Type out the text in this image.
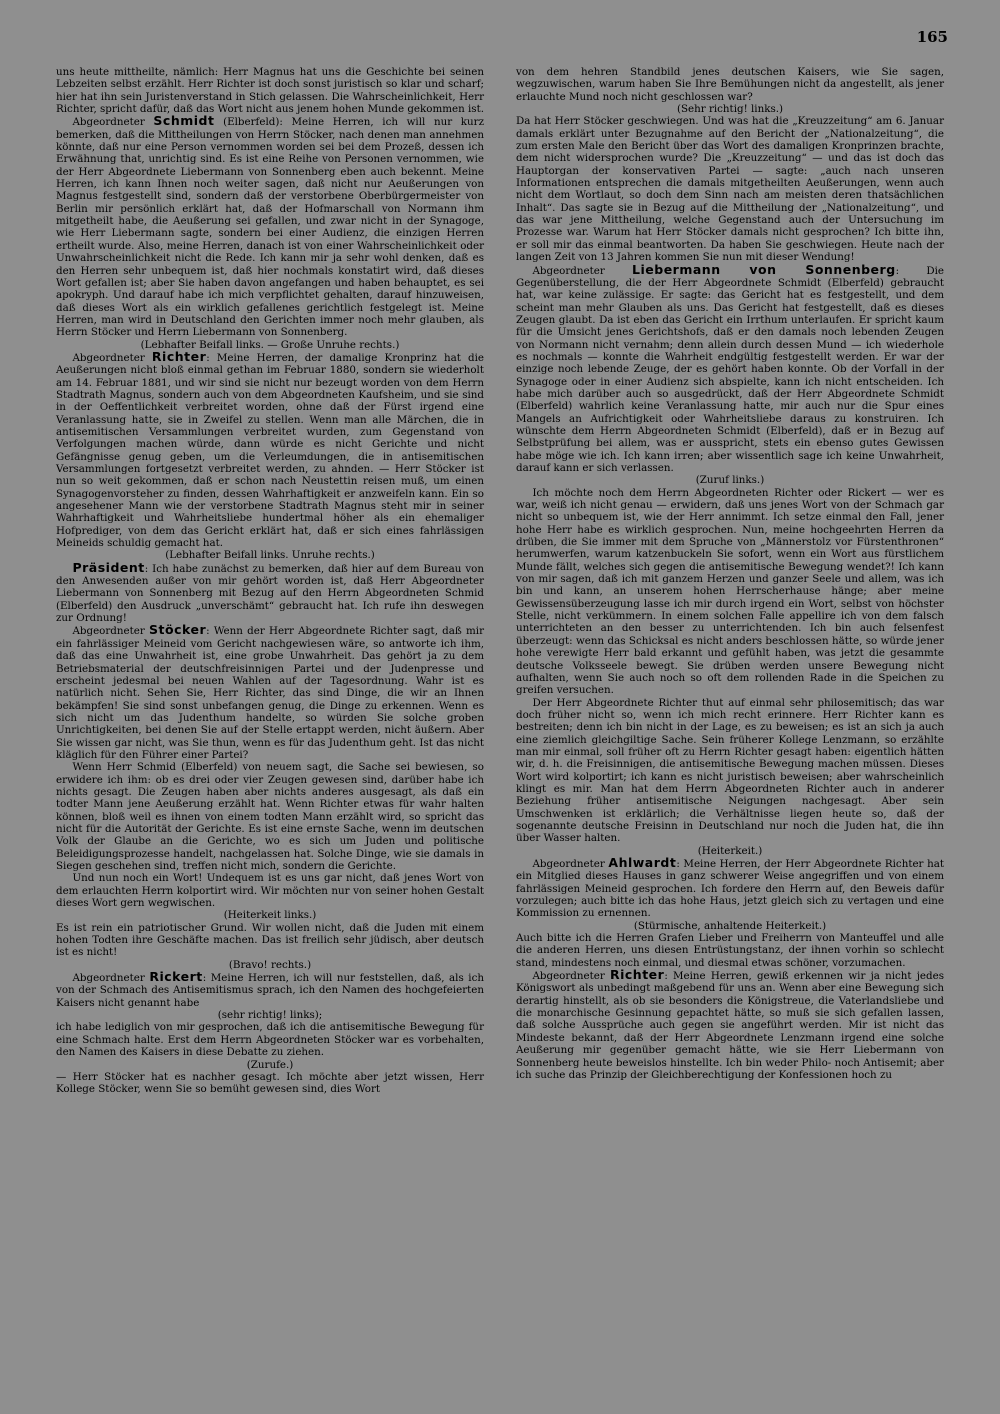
165

uns heute mittheilte, nämlich: Herr Magnus hat uns die Geschichte bei seinen Lebzeiten selbst erzählt. Herr Richter ist doch sonst juristisch so klar und scharf; hier hat ihn sein Juristenverstand in Stich gelassen. Die Wahrscheinlichkeit, Herr Richter, spricht dafür, daß das Wort nicht aus jenem hohen Munde gekommen ist.

Abgeordneter Schmidt (Elberfeld): Meine Herren, ich will nur kurz bemerken, daß die Mittheilungen von Herrn Stöcker, nach denen man annehmen könnte, daß nur eine Person vernommen worden sei bei dem Prozeß, dessen ich Erwähnung that, unrichtig sind. Es ist eine Reihe von Personen vernommen, wie der Herr Abgeordnete Liebermann von Sonnenberg eben auch bekennt. Meine Herren, ich kann Ihnen noch weiter sagen, daß nicht nur Aeußerungen von Magnus festgestellt sind, sondern daß der verstorbene Oberbürgermeister von Berlin mir persönlich erklärt hat, daß der Hofmarschall von Normann ihm mitgetheilt habe, die Aeußerung sei gefallen, und zwar nicht in der Synagoge, wie Herr Liebermann sagte, sondern bei einer Audienz, die einzigen Herren ertheilt wurde. Also, meine Herren, danach ist von einer Wahrscheinlichkeit oder Unwahrscheinlichkeit nicht die Rede. Ich kann mir ja sehr wohl denken, daß es den Herren sehr unbequem ist, daß hier nochmals konstatirt wird, daß dieses Wort gefallen ist; aber Sie haben davon angefangen und haben behauptet, es sei apokryph. Und darauf habe ich mich verpflichtet gehalten, darauf hinzuweisen, daß dieses Wort als ein wirklich gefallenes gerichtlich festgelegt ist. Meine Herren, man wird in Deutschland den Gerichten immer noch mehr glauben, als Herrn Stöcker und Herrn Liebermann von Sonnenberg.

(Lebhafter Beifall links. — Große Unruhe rechts.)

Abgeordneter Richter: Meine Herren, der damalige Kronprinz hat die Aeußerungen nicht bloß einmal gethan im Februar 1880, sondern sie wiederholt am 14. Februar 1881, und wir sind sie nicht nur bezeugt worden von dem Herrn Stadtrath Magnus, sondern auch von dem Abgeordneten Kaufsheim, und sie sind in der Oeffentlichkeit verbreitet worden, ohne daß der Fürst irgend eine Veranlassung hatte, sie in Zweifel zu stellen. Wenn man alle Märchen, die in antisemitischen Versammlungen verbreitet wurden, zum Gegenstand von Verfolgungen machen würde, dann würde es nicht Gerichte und nicht Gefängnisse genug geben, um die Verleumdungen, die in antisemitischen Versammlungen fortgesetzt verbreitet werden, zu ahnden. — Herr Stöcker ist nun so weit gekommen, daß er schon nach Neustettin reisen muß, um einen Synagogenvorsteher zu finden, dessen Wahrhaftigkeit er anzweifeln kann. Ein so angesehener Mann wie der verstorbene Stadtrath Magnus steht mir in seiner Wahrhaftigkeit und Wahrheitsliebe hundertmal höher als ein ehemaliger Hofprediger, von dem das Gericht erklärt hat, daß er sich eines fahrlässigen Meineids schuldig gemacht hat.

(Lebhafter Beifall links. Unruhe rechts.)

Präsident: Ich habe zunächst zu bemerken, daß hier auf dem Bureau von den Anwesenden außer von mir gehört worden ist, daß Herr Abgeordneter Liebermann von Sonnenberg mit Bezug auf den Herrn Abgeordneten Schmid (Elberfeld) den Ausdruck „unverschämt“ gebraucht hat. Ich rufe ihn deswegen zur Ordnung!

Abgeordneter Stöcker: Wenn der Herr Abgeordnete Richter sagt, daß mir ein fahrlässiger Meineid vom Gericht nachgewiesen wäre, so antworte ich ihm, daß das eine Unwahrheit ist, eine grobe Unwahrheit. Das gehört ja zu dem Betriebsmaterial der deutschfreisinnigen Partei und der Judenpresse und erscheint jedesmal bei neuen Wahlen auf der Tagesordnung. Wahr ist es natürlich nicht. Sehen Sie, Herr Richter, das sind Dinge, die wir an Ihnen bekämpfen! Sie sind sonst unbefangen genug, die Dinge zu erkennen. Wenn es sich nicht um das Judenthum handelte, so würden Sie solche groben Unrichtigkeiten, bei denen Sie auf der Stelle ertappt werden, nicht äußern. Aber Sie wissen gar nicht, was Sie thun, wenn es für das Judenthum geht. Ist das nicht kläglich für den Führer einer Partei?

Wenn Herr Schmid (Elberfeld) von neuem sagt, die Sache sei bewiesen, so erwidere ich ihm: ob es drei oder vier Zeugen gewesen sind, darüber habe ich nichts gesagt. Die Zeugen haben aber nichts anderes ausgesagt, als daß ein todter Mann jene Aeußerung erzählt hat. Wenn Richter etwas für wahr halten können, bloß weil es ihnen von einem todten Mann erzählt wird, so spricht das nicht für die Autorität der Gerichte. Es ist eine ernste Sache, wenn im deutschen Volk der Glaube an die Gerichte, wo es sich um Juden und politische Beleidigungsprozesse handelt, nachgelassen hat. Solche Dinge, wie sie damals in Siegen geschehen sind, treffen nicht mich, sondern die Gerichte.

Und nun noch ein Wort! Undequem ist es uns gar nicht, daß jenes Wort von dem erlauchten Herrn kolportirt wird. Wir möchten nur von seiner hohen Gestalt dieses Wort gern wegwischen.

(Heiterkeit links.)

Es ist rein ein patriotischer Grund. Wir wollen nicht, daß die Juden mit einem hohen Todten ihre Geschäfte machen. Das ist freilich sehr jüdisch, aber deutsch ist es nicht!

(Bravo! rechts.)

Abgeordneter Rickert: Meine Herren, ich will nur feststellen, daß, als ich von der Schmach des Antisemitismus sprach, ich den Namen des hochgefeierten Kaisers nicht genannt habe

(sehr richtig! links);

ich habe lediglich von mir gesprochen, daß ich die antisemitische Bewegung für eine Schmach halte. Erst dem Herrn Abgeordneten Stöcker war es vorbehalten, den Namen des Kaisers in diese Debatte zu ziehen.

(Zurufe.)

— Herr Stöcker hat es nachher gesagt. Ich möchte aber jetzt wissen, Herr Kollege Stöcker, wenn Sie so bemüht gewesen sind, dies Wort

von dem hehren Standbild jenes deutschen Kaisers, wie Sie sagen, wegzuwischen, warum haben Sie Ihre Bemühungen nicht da angestellt, als jener erlauchte Mund noch nicht geschlossen war?

(Sehr richtig! links.)

Da hat Herr Stöcker geschwiegen. Und was hat die „Kreuzzeitung“ am 6. Januar damals erklärt unter Bezugnahme auf den Bericht der „Nationalzeitung“, die zum ersten Male den Bericht über das Wort des damaligen Kronprinzen brachte, dem nicht widersprochen wurde? Die „Kreuzzeitung“ — und das ist doch das Hauptorgan der konservativen Partei — sagte: „auch nach unseren Informationen entsprechen die damals mitgetheilten Aeußerungen, wenn auch nicht dem Wortlaut, so doch dem Sinn nach am meisten deren thatsächlichen Inhalt“. Das sagte sie in Bezug auf die Mittheilung der „Nationalzeitung“, und das war jene Mittheilung, welche Gegenstand auch der Untersuchung im Prozesse war. Warum hat Herr Stöcker damals nicht gesprochen? Ich bitte ihn, er soll mir das einmal beantworten. Da haben Sie geschwiegen. Heute nach der langen Zeit von 13 Jahren kommen Sie nun mit dieser Wendung!

Abgeordneter Liebermann von Sonnenberg: Die Gegenüberstellung, die der Herr Abgeordnete Schmidt (Elberfeld) gebraucht hat, war keine zulässige. Er sagte: das Gericht hat es festgestellt, und dem scheint man mehr Glauben als uns. Das Gericht hat festgestellt, daß es dieses Zeugen glaubt. Da ist eben das Gericht ein Irrthum unterlaufen. Er spricht kaum für die Umsicht jenes Gerichtshofs, daß er den damals noch lebenden Zeugen von Normann nicht vernahm; denn allein durch dessen Mund — ich wiederhole es nochmals — konnte die Wahrheit endgültig festgestellt werden. Er war der einzige noch lebende Zeuge, der es gehört haben konnte. Ob der Vorfall in der Synagoge oder in einer Audienz sich abspielte, kann ich nicht entscheiden. Ich habe mich darüber auch so ausgedrückt, daß der Herr Abgeordnete Schmidt (Elberfeld) wahrlich keine Veranlassung hatte, mir auch nur die Spur eines Mangels an Aufrichtigkeit oder Wahrheitsliebe daraus zu konstruiren. Ich wünschte dem Herrn Abgeordneten Schmidt (Elberfeld), daß er in Bezug auf Selbstprüfung bei allem, was er ausspricht, stets ein ebenso gutes Gewissen habe möge wie ich. Ich kann irren; aber wissentlich sage ich keine Unwahrheit, darauf kann er sich verlassen.

(Zuruf links.)

Ich möchte noch dem Herrn Abgeordneten Richter oder Rickert — wer es war, weiß ich nicht genau — erwidern, daß uns jenes Wort von der Schmach gar nicht so unbequem ist, wie der Herr annimmt. Ich setze einmal den Fall, jener hohe Herr habe es wirklich gesprochen. Nun, meine hochgeehrten Herren da drüben, die Sie immer mit dem Spruche von „Männerstolz vor Fürstenthronen“ herumwerfen, warum katzenbuckeln Sie sofort, wenn ein Wort aus fürstlichem Munde fällt, welches sich gegen die antisemitische Bewegung wendet?! Ich kann von mir sagen, daß ich mit ganzem Herzen und ganzer Seele und allem, was ich bin und kann, an unserem hohen Herrscherhause hänge; aber meine Gewissensüberzeugung lasse ich mir durch irgend ein Wort, selbst von höchster Stelle, nicht verkümmern. In einem solchen Falle appellire ich von dem falsch unterrichteten an den besser zu unterrichtenden. Ich bin auch felsenfest überzeugt: wenn das Schicksal es nicht anders beschlossen hätte, so würde jener hohe verewigte Herr bald erkannt und gefühlt haben, was jetzt die gesammte deutsche Volksseele bewegt. Sie drüben werden unsere Bewegung nicht aufhalten, wenn Sie auch noch so oft dem rollenden Rade in die Speichen zu greifen versuchen.

Der Herr Abgeordnete Richter thut auf einmal sehr philosemitisch; das war doch früher nicht so, wenn ich mich recht erinnere. Herr Richter kann es bestreiten; denn ich bin nicht in der Lage, es zu beweisen; es ist an sich ja auch eine ziemlich gleichgiltige Sache. Sein früherer Kollege Lenzmann, so erzählte man mir einmal, soll früher oft zu Herrn Richter gesagt haben: eigentlich hätten wir, d. h. die Freisinnigen, die antisemitische Bewegung machen müssen. Dieses Wort wird kolportirt; ich kann es nicht juristisch beweisen; aber wahrscheinlich klingt es mir. Man hat dem Herrn Abgeordneten Richter auch in anderer Beziehung früher antisemitische Neigungen nachgesagt. Aber sein Umschwenken ist erklärlich; die Verhältnisse liegen heute so, daß der sogenannte deutsche Freisinn in Deutschland nur noch die Juden hat, die ihn über Wasser halten.

(Heiterkeit.)

Abgeordneter Ahlwardt: Meine Herren, der Herr Abgeordnete Richter hat ein Mitglied dieses Hauses in ganz schwerer Weise angegriffen und von einem fahrlässigen Meineid gesprochen. Ich fordere den Herrn auf, den Beweis dafür vorzulegen; auch bitte ich das hohe Haus, jetzt gleich sich zu vertagen und eine Kommission zu ernennen.

(Stürmische, anhaltende Heiterkeit.)

Auch bitte ich die Herren Grafen Lieber und Freiherrn von Manteuffel und alle die anderen Herren, uns diesen Entrüstungstanz, der ihnen vorhin so schlecht stand, mindestens noch einmal, und diesmal etwas schöner, vorzumachen.

Abgeordneter Richter: Meine Herren, gewiß erkennen wir ja nicht jedes Königswort als unbedingt maßgebend für uns an. Wenn aber eine Bewegung sich derartig hinstellt, als ob sie besonders die Königstreue, die Vaterlandsliebe und die monarchische Gesinnung gepachtet hätte, so muß sie sich gefallen lassen, daß solche Aussprüche auch gegen sie angeführt werden. Mir ist nicht das Mindeste bekannt, daß der Herr Abgeordnete Lenzmann irgend eine solche Aeußerung mir gegenüber gemacht hätte, wie sie Herr Liebermann von Sonnenberg heute beweislos hinstellte. Ich bin weder Philo- noch Antisemit; aber ich suche das Prinzip der Gleichberechtigung der Konfessionen hoch zu
